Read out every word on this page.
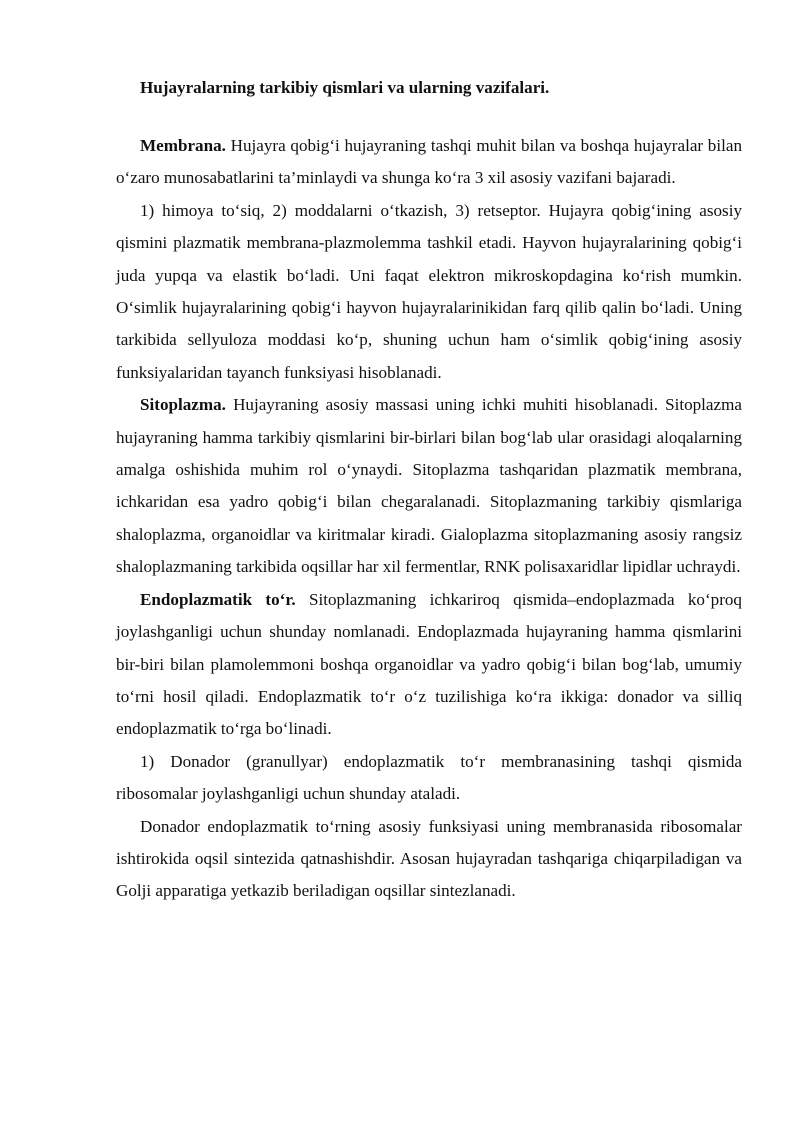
Hujayralarning tarkibiy qismlari va ularning vazifalari.

Membrana. Hujayra qobig‘i hujayraning tashqi muhit bilan va boshqa hujayralar bilan o‘zaro munosabatlarini ta’minlaydi va shunga ko‘ra 3 xil asosiy vazifani bajaradi.

1) himoya to‘siq, 2) moddalarni o‘tkazish, 3) retseptor. Hujayra qobig‘ining asosiy qismini plazmatik membrana-plazmolemma tashkil etadi. Hayvon hujayralarining qobig‘i juda yupqa va elastik bo‘ladi. Uni faqat elektron mikroskopdagina ko‘rish mumkin. O‘simlik hujayralarining qobig‘i hayvon hujayralarinikidan farq qilib qalin bo‘ladi. Uning tarkibida sellyuloza moddasi ko‘p, shuning uchun ham o‘simlik qobig‘ining asosiy funksiyalaridan tayanch funksiyasi hisoblanadi.

Sitoplazma. Hujayraning asosiy massasi uning ichki muhiti hisoblanadi. Sitoplazma hujayraning hamma tarkibiy qismlarini bir-birlari bilan bog‘lab ular orasidagi aloqalarning amalga oshishida muhim rol o‘ynaydi. Sitoplazma tashqaridan plazmatik membrana, ichkaridan esa yadro qobig‘i bilan chegaralanadi. Sitoplazmaning tarkibiy qismlariga shaloplazma, organoidlar va kiritmalar kiradi. Gialoplazma sitoplazmaning asosiy rangsiz shaloplazmaning tarkibida oqsillar har xil fermentlar, RNK polisaxaridlar lipidlar uchraydi.

Endoplazmatik to‘r. Sitoplazmaning ichkariroq qismida–endoplazmada ko‘proq joylashganligi uchun shunday nomlanadi. Endoplazmada hujayraning hamma qismlarini bir-biri bilan plamolemmoni boshqa organoidlar va yadro qobig‘i bilan bog‘lab, umumiy to‘rni hosil qiladi. Endoplazmatik to‘r o‘z tuzilishiga ko‘ra ikkiga: donador va silliq endoplazmatik to‘rga bo‘linadi.

1) Donador (granullyar) endoplazmatik to‘r membranasining tashqi qismida ribosomalar joylashganligi uchun shunday ataladi.

Donador endoplazmatik to‘rning asosiy funksiyasi uning membranasida ribosomalar ishtirokida oqsil sintezida qatnashishdir. Asosan hujayradan tashqariga chiqarpiladigan va Golji apparatiga yetkazib beriladigan oqsillar sintezlanadi.
